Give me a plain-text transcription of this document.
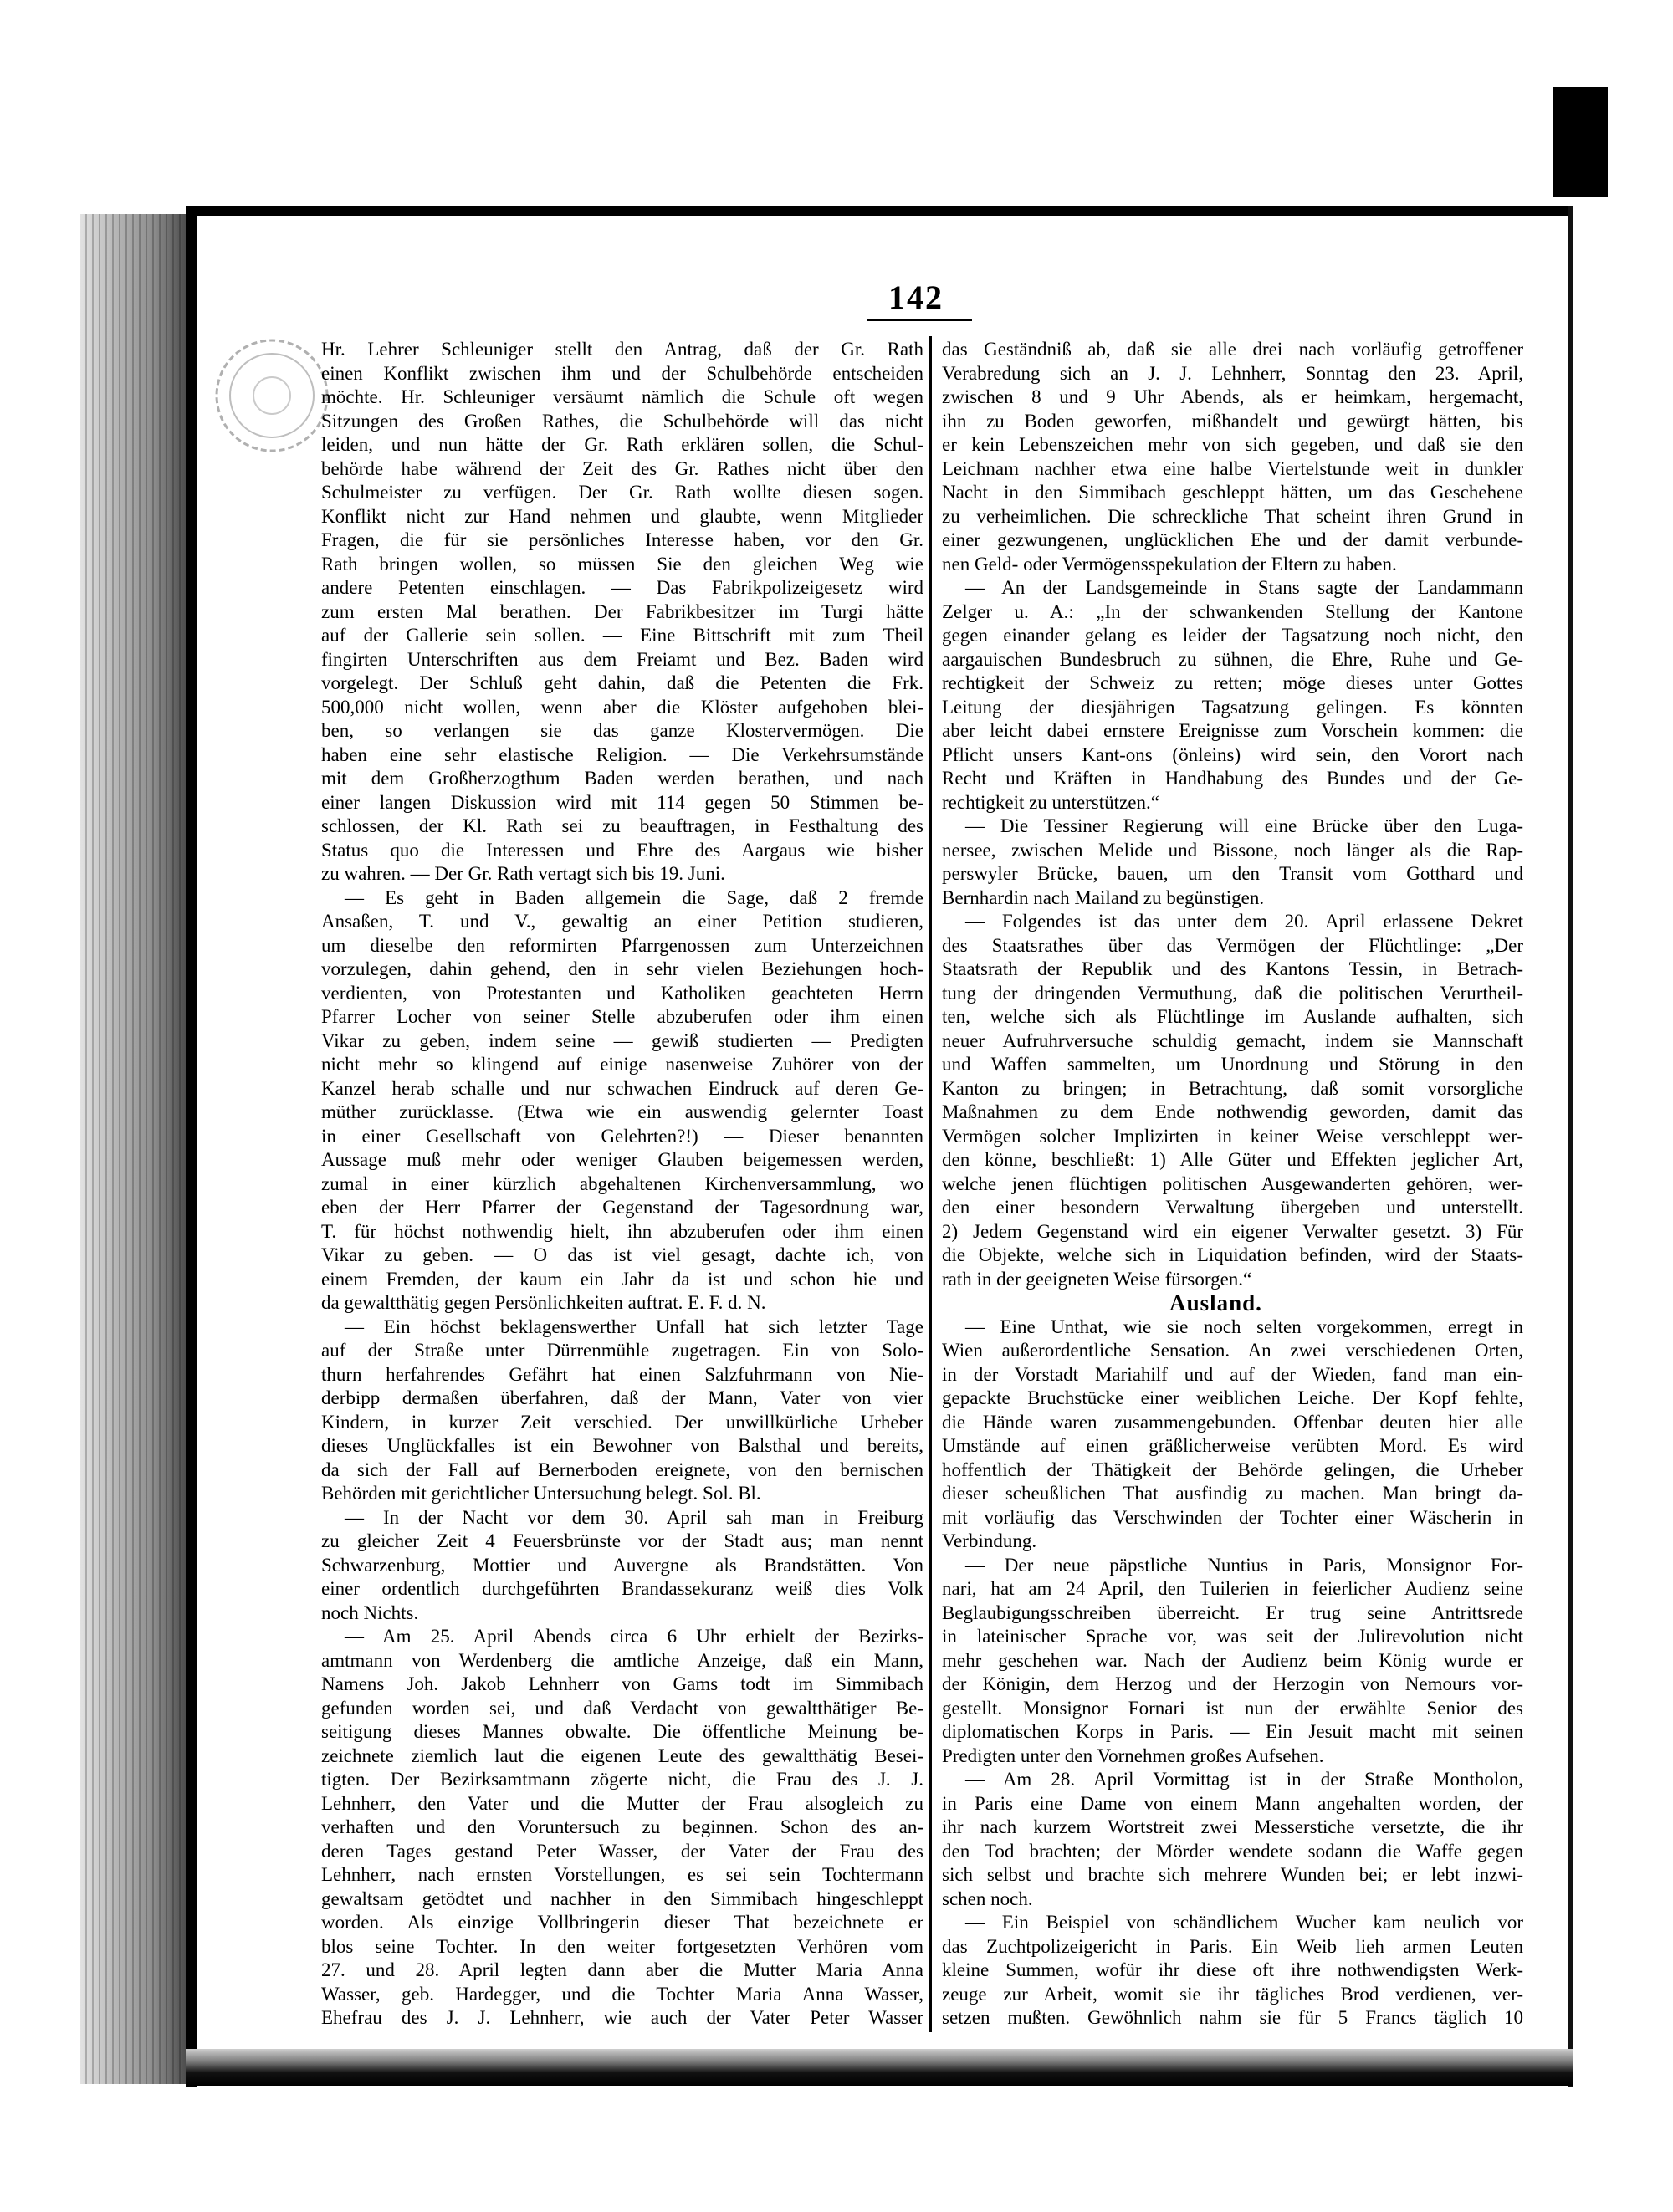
142
Hr. Lehrer Schleuniger stellt den Antrag, daß der Gr. Rath
einen Konflikt zwischen ihm und der Schulbehörde entscheiden
möchte. Hr. Schleuniger versäumt nämlich die Schule oft wegen
Sitzungen des Großen Rathes, die Schulbehörde will das nicht
leiden, und nun hätte der Gr. Rath erklären sollen, die Schul-
behörde habe während der Zeit des Gr. Rathes nicht über den
Schulmeister zu verfügen. Der Gr. Rath wollte diesen sogen.
Konflikt nicht zur Hand nehmen und glaubte, wenn Mitglieder
Fragen, die für sie persönliches Interesse haben, vor den Gr.
Rath bringen wollen, so müssen Sie den gleichen Weg wie
andere Petenten einschlagen. — Das Fabrikpolizeigesetz wird
zum ersten Mal berathen. Der Fabrikbesitzer im Turgi hätte
auf der Gallerie sein sollen. — Eine Bittschrift mit zum Theil
fingirten Unterschriften aus dem Freiamt und Bez. Baden wird
vorgelegt. Der Schluß geht dahin, daß die Petenten die Frk.
500,000 nicht wollen, wenn aber die Klöster aufgehoben blei-
ben, so verlangen sie das ganze Klostervermögen. Die
haben eine sehr elastische Religion. — Die Verkehrsumstände
mit dem Großherzogthum Baden werden berathen, und nach
einer langen Diskussion wird mit 114 gegen 50 Stimmen be-
schlossen, der Kl. Rath sei zu beauftragen, in Festhaltung des
Status quo die Interessen und Ehre des Aargaus wie bisher
zu wahren. — Der Gr. Rath vertagt sich bis 19. Juni.
— Es geht in Baden allgemein die Sage, daß 2 fremde
Ansaßen, T. und V., gewaltig an einer Petition studieren,
um dieselbe den reformirten Pfarrgenossen zum Unterzeichnen
vorzulegen, dahin gehend, den in sehr vielen Beziehungen hoch-
verdienten, von Protestanten und Katholiken geachteten Herrn
Pfarrer Locher von seiner Stelle abzuberufen oder ihm einen
Vikar zu geben, indem seine — gewiß studierten — Predigten
nicht mehr so klingend auf einige nasenweise Zuhörer von der
Kanzel herab schalle und nur schwachen Eindruck auf deren Ge-
müther zurücklasse. (Etwa wie ein auswendig gelernter Toast
in einer Gesellschaft von Gelehrten?!) — Dieser benannten
Aussage muß mehr oder weniger Glauben beigemessen werden,
zumal in einer kürzlich abgehaltenen Kirchenversammlung, wo
eben der Herr Pfarrer der Gegenstand der Tagesordnung war,
T. für höchst nothwendig hielt, ihn abzuberufen oder ihm einen
Vikar zu geben. — O das ist viel gesagt, dachte ich, von
einem Fremden, der kaum ein Jahr da ist und schon hie und
da gewaltthätig gegen Persönlichkeiten auftrat. E. F. d. N.
— Ein höchst beklagenswerther Unfall hat sich letzter Tage
auf der Straße unter Dürrenmühle zugetragen. Ein von Solo-
thurn herfahrendes Gefährt hat einen Salzfuhrmann von Nie-
derbipp dermaßen überfahren, daß der Mann, Vater von vier
Kindern, in kurzer Zeit verschied. Der unwillkürliche Urheber
dieses Unglückfalles ist ein Bewohner von Balsthal und bereits,
da sich der Fall auf Bernerboden ereignete, von den bernischen
Behörden mit gerichtlicher Untersuchung belegt. Sol. Bl.
— In der Nacht vor dem 30. April sah man in Freiburg
zu gleicher Zeit 4 Feuersbrünste vor der Stadt aus; man nennt
Schwarzenburg, Mottier und Auvergne als Brandstätten. Von
einer ordentlich durchgeführten Brandassekuranz weiß dies Volk
noch Nichts.
— Am 25. April Abends circa 6 Uhr erhielt der Bezirks-
amtmann von Werdenberg die amtliche Anzeige, daß ein Mann,
Namens Joh. Jakob Lehnherr von Gams todt im Simmibach
gefunden worden sei, und daß Verdacht von gewaltthätiger Be-
seitigung dieses Mannes obwalte. Die öffentliche Meinung be-
zeichnete ziemlich laut die eigenen Leute des gewaltthätig Besei-
tigten. Der Bezirksamtmann zögerte nicht, die Frau des J. J.
Lehnherr, den Vater und die Mutter der Frau alsogleich zu
verhaften und den Voruntersuch zu beginnen. Schon des an-
deren Tages gestand Peter Wasser, der Vater der Frau des
Lehnherr, nach ernsten Vorstellungen, es sei sein Tochtermann
gewaltsam getödtet und nachher in den Simmibach hingeschleppt
worden. Als einzige Vollbringerin dieser That bezeichnete er
blos seine Tochter. In den weiter fortgesetzten Verhören vom
27. und 28. April legten dann aber die Mutter Maria Anna
Wasser, geb. Hardegger, und die Tochter Maria Anna Wasser,
Ehefrau des J. J. Lehnherr, wie auch der Vater Peter Wasser
das Geständniß ab, daß sie alle drei nach vorläufig getroffener
Verabredung sich an J. J. Lehnherr, Sonntag den 23. April,
zwischen 8 und 9 Uhr Abends, als er heimkam, hergemacht,
ihn zu Boden geworfen, mißhandelt und gewürgt hätten, bis
er kein Lebenszeichen mehr von sich gegeben, und daß sie den
Leichnam nachher etwa eine halbe Viertelstunde weit in dunkler
Nacht in den Simmibach geschleppt hätten, um das Geschehene
zu verheimlichen. Die schreckliche That scheint ihren Grund in
einer gezwungenen, unglücklichen Ehe und der damit verbunde-
nen Geld- oder Vermögensspekulation der Eltern zu haben.
— An der Landsgemeinde in Stans sagte der Landammann
Zelger u. A.: „In der schwankenden Stellung der Kantone
gegen einander gelang es leider der Tagsatzung noch nicht, den
aargauischen Bundesbruch zu sühnen, die Ehre, Ruhe und Ge-
rechtigkeit der Schweiz zu retten; möge dieses unter Gottes
Leitung der diesjährigen Tagsatzung gelingen. Es könnten
aber leicht dabei ernstere Ereignisse zum Vorschein kommen: die
Pflicht unsers Kant-ons (önleins) wird sein, den Vorort nach
Recht und Kräften in Handhabung des Bundes und der Ge-
rechtigkeit zu unterstützen.“
— Die Tessiner Regierung will eine Brücke über den Luga-
nersee, zwischen Melide und Bissone, noch länger als die Rap-
perswyler Brücke, bauen, um den Transit vom Gotthard und
Bernhardin nach Mailand zu begünstigen.
— Folgendes ist das unter dem 20. April erlassene Dekret
des Staatsrathes über das Vermögen der Flüchtlinge: „Der
Staatsrath der Republik und des Kantons Tessin, in Betrach-
tung der dringenden Vermuthung, daß die politischen Verurtheil-
ten, welche sich als Flüchtlinge im Auslande aufhalten, sich
neuer Aufruhrversuche schuldig gemacht, indem sie Mannschaft
und Waffen sammelten, um Unordnung und Störung in den
Kanton zu bringen; in Betrachtung, daß somit vorsorgliche
Maßnahmen zu dem Ende nothwendig geworden, damit das
Vermögen solcher Implizirten in keiner Weise verschleppt wer-
den könne, beschließt: 1) Alle Güter und Effekten jeglicher Art,
welche jenen flüchtigen politischen Ausgewanderten gehören, wer-
den einer besondern Verwaltung übergeben und unterstellt.
2) Jedem Gegenstand wird ein eigener Verwalter gesetzt. 3) Für
die Objekte, welche sich in Liquidation befinden, wird der Staats-
rath in der geeigneten Weise fürsorgen.“
Ausland.
— Eine Unthat, wie sie noch selten vorgekommen, erregt in
Wien außerordentliche Sensation. An zwei verschiedenen Orten,
in der Vorstadt Mariahilf und auf der Wieden, fand man ein-
gepackte Bruchstücke einer weiblichen Leiche. Der Kopf fehlte,
die Hände waren zusammengebunden. Offenbar deuten hier alle
Umstände auf einen gräßlicherweise verübten Mord. Es wird
hoffentlich der Thätigkeit der Behörde gelingen, die Urheber
dieser scheußlichen That ausfindig zu machen. Man bringt da-
mit vorläufig das Verschwinden der Tochter einer Wäscherin in
Verbindung.
— Der neue päpstliche Nuntius in Paris, Monsignor For-
nari, hat am 24 April, den Tuilerien in feierlicher Audienz seine
Beglaubigungsschreiben überreicht. Er trug seine Antrittsrede
in lateinischer Sprache vor, was seit der Julirevolution nicht
mehr geschehen war. Nach der Audienz beim König wurde er
der Königin, dem Herzog und der Herzogin von Nemours vor-
gestellt. Monsignor Fornari ist nun der erwählte Senior des
diplomatischen Korps in Paris. — Ein Jesuit macht mit seinen
Predigten unter den Vornehmen großes Aufsehen.
— Am 28. April Vormittag ist in der Straße Montholon,
in Paris eine Dame von einem Mann angehalten worden, der
ihr nach kurzem Wortstreit zwei Messerstiche versetzte, die ihr
den Tod brachten; der Mörder wendete sodann die Waffe gegen
sich selbst und brachte sich mehrere Wunden bei; er lebt inzwi-
schen noch.
— Ein Beispiel von schändlichem Wucher kam neulich vor
das Zuchtpolizeigericht in Paris. Ein Weib lieh armen Leuten
kleine Summen, wofür ihr diese oft ihre nothwendigsten Werk-
zeuge zur Arbeit, womit sie ihr tägliches Brod verdienen, ver-
setzen mußten. Gewöhnlich nahm sie für 5 Francs täglich 10
